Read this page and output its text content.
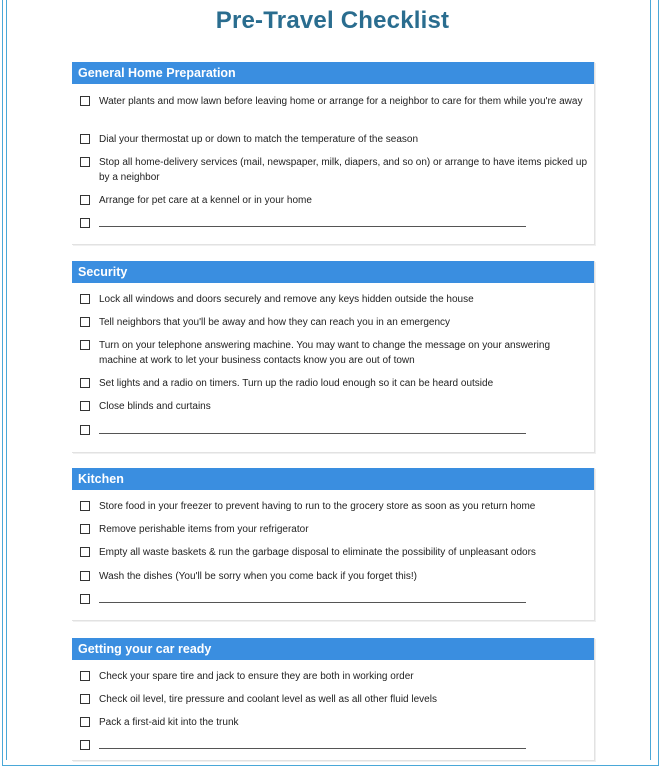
Pre-Travel Checklist
General Home Preparation
Water plants and mow lawn before leaving home or arrange for a neighbor to care for them while you're away
Dial your thermostat up or down to match the temperature of the season
Stop all home-delivery services (mail, newspaper, milk, diapers, and so on) or arrange to have items picked up by a neighbor
Arrange for pet care at a kennel or in your home
Security
Lock all windows and doors securely and remove any keys hidden outside the house
Tell neighbors that you'll be away and how they can reach you in an emergency
Turn on your telephone answering machine. You may want to change the message on your answering machine at work to let your business contacts know you are out of town
Set lights and a radio on timers. Turn up the radio loud enough so it can be heard outside
Close blinds and curtains
Kitchen
Store food in your freezer to prevent having to run to the grocery store as soon as you return home
Remove perishable items from your refrigerator
Empty all waste baskets & run the garbage disposal to eliminate the possibility of unpleasant odors
Wash the dishes (You'll be sorry when you come back if you forget this!)
Getting your car ready
Check your spare tire and jack to ensure they are both in working order
Check oil level, tire pressure and coolant level as well as all other fluid levels
Pack a first-aid kit into the trunk
